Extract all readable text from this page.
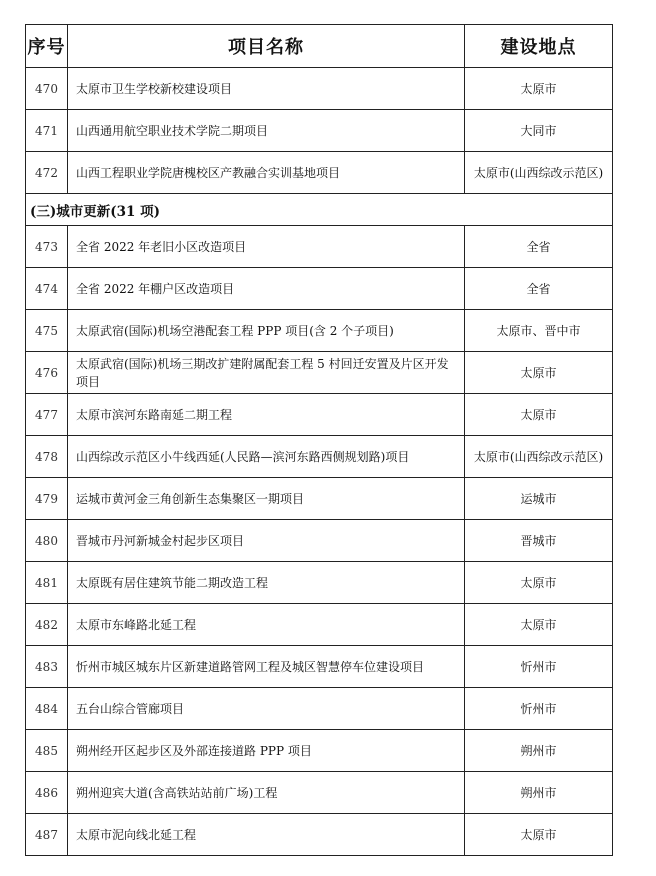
序号	项目名称	建设地点
470	太原市卫生学校新校建设项目	太原市
471	山西通用航空职业技术学院二期项目	大同市
472	山西工程职业学院唐槐校区产教融合实训基地项目	太原市(山西综改示范区)
(三)城市更新(31 项)		
473	全省 2022 年老旧小区改造项目	全省
474	全省 2022 年棚户区改造项目	全省
475	太原武宿(国际)机场空港配套工程 PPP 项目(含 2 个子项目)	太原市、晋中市
476	太原武宿(国际)机场三期改扩建附属配套工程 5 村回迁安置及片区开发项目	太原市
477	太原市滨河东路南延二期工程	太原市
478	山西综改示范区小牛线西延(人民路—滨河东路西侧规划路)项目	太原市(山西综改示范区)
479	运城市黄河金三角创新生态集聚区一期项目	运城市
480	晋城市丹河新城金村起步区项目	晋城市
481	太原既有居住建筑节能二期改造工程	太原市
482	太原市东峰路北延工程	太原市
483	忻州市城区城东片区新建道路管网工程及城区智慧停车位建设项目	忻州市
484	五台山综合管廊项目	忻州市
485	朔州经开区起步区及外部连接道路 PPP 项目	朔州市
486	朔州迎宾大道(含高铁站站前广场)工程	朔州市
487	太原市泥向线北延工程	太原市
